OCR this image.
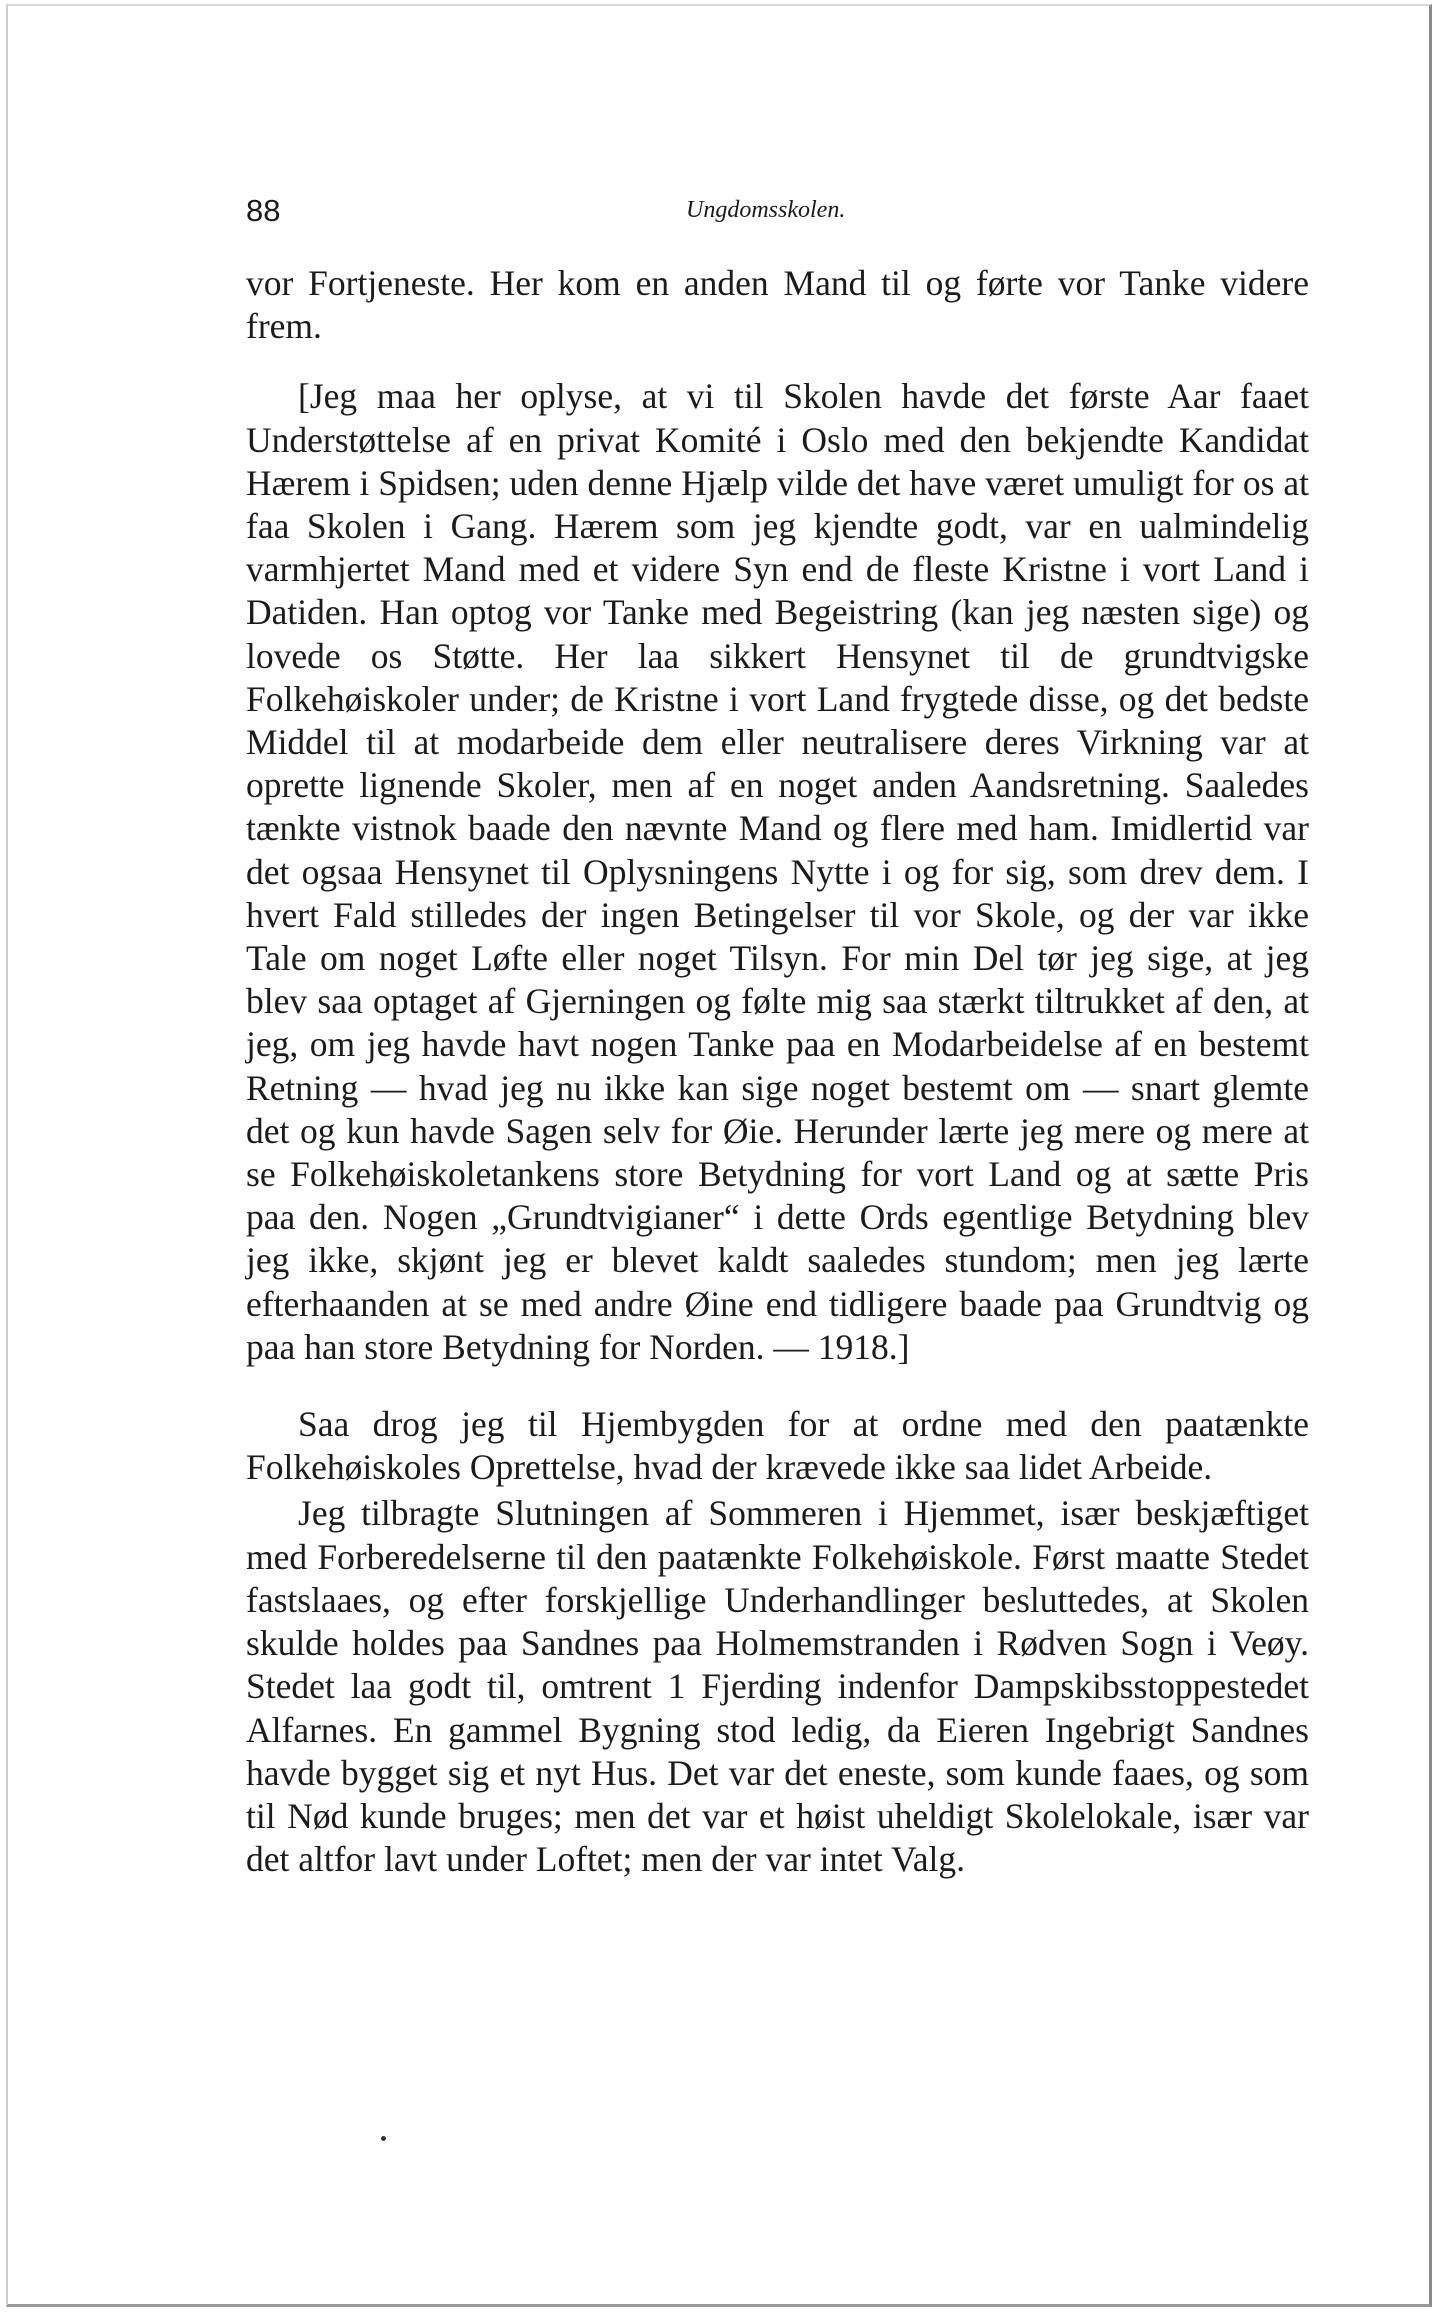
88	Ungdomsskolen.

vor Fortjeneste. Her kom en anden Mand til og førte vor Tanke videre frem.

[Jeg maa her oplyse, at vi til Skolen havde det første Aar faaet Understøttelse af en privat Komité i Oslo med den bekjendte Kandidat Hærem i Spidsen; uden denne Hjælp vilde det have været umuligt for os at faa Skolen i Gang. Hærem som jeg kjendte godt, var en ualmindelig varmhjertet Mand med et videre Syn end de fleste Kristne i vort Land i Datiden. Han optog vor Tanke med Begeistring (kan jeg næsten sige) og lovede os Støtte. Her laa sikkert Hensynet til de grundtvigske Folkehøiskoler under; de Kristne i vort Land frygtede disse, og det bedste Middel til at modarbeide dem eller neutralisere deres Virkning var at oprette lignende Skoler, men af en noget anden Aandsretning. Saaledes tænkte vistnok baade den nævnte Mand og flere med ham. Imidlertid var det ogsaa Hensynet til Oplysningens Nytte i og for sig, som drev dem. I hvert Fald stilledes der ingen Betingelser til vor Skole, og der var ikke Tale om noget Løfte eller noget Tilsyn. For min Del tør jeg sige, at jeg blev saa optaget af Gjerningen og følte mig saa stærkt tiltrukket af den, at jeg, om jeg havde havt nogen Tanke paa en Modarbeidelse af en bestemt Retning — hvad jeg nu ikke kan sige noget bestemt om — snart glemte det og kun havde Sagen selv for Øie. Herunder lærte jeg mere og mere at se Folkehøiskoletankens store Betydning for vort Land og at sætte Pris paa den. Nogen „Grundtvigianer“ i dette Ords egentlige Betydning blev jeg ikke, skjønt jeg er blevet kaldt saaledes stundom; men jeg lærte efterhaanden at se med andre Øine end tidligere baade paa Grundtvig og paa han store Betydning for Norden. — 1918.]

Saa drog jeg til Hjembygden for at ordne med den paatænkte Folkehøiskoles Oprettelse, hvad der krævede ikke saa lidet Arbeide.

Jeg tilbragte Slutningen af Sommeren i Hjemmet, især beskjæftiget med Forberedelserne til den paatænkte Folkehøiskole. Først maatte Stedet fastslaaes, og efter forskjellige Underhandlinger besluttedes, at Skolen skulde holdes paa Sandnes paa Holmemstranden i Rødven Sogn i Veøy. Stedet laa godt til, omtrent 1 Fjerding indenfor Dampskibsstoppestedet Alfarnes. En gammel Bygning stod ledig, da Eieren Ingebrigt Sandnes havde bygget sig et nyt Hus. Det var det eneste, som kunde faaes, og som til Nød kunde bruges; men det var et høist uheldigt Skolelokale, især var det altfor lavt under Loftet; men der var intet Valg.
